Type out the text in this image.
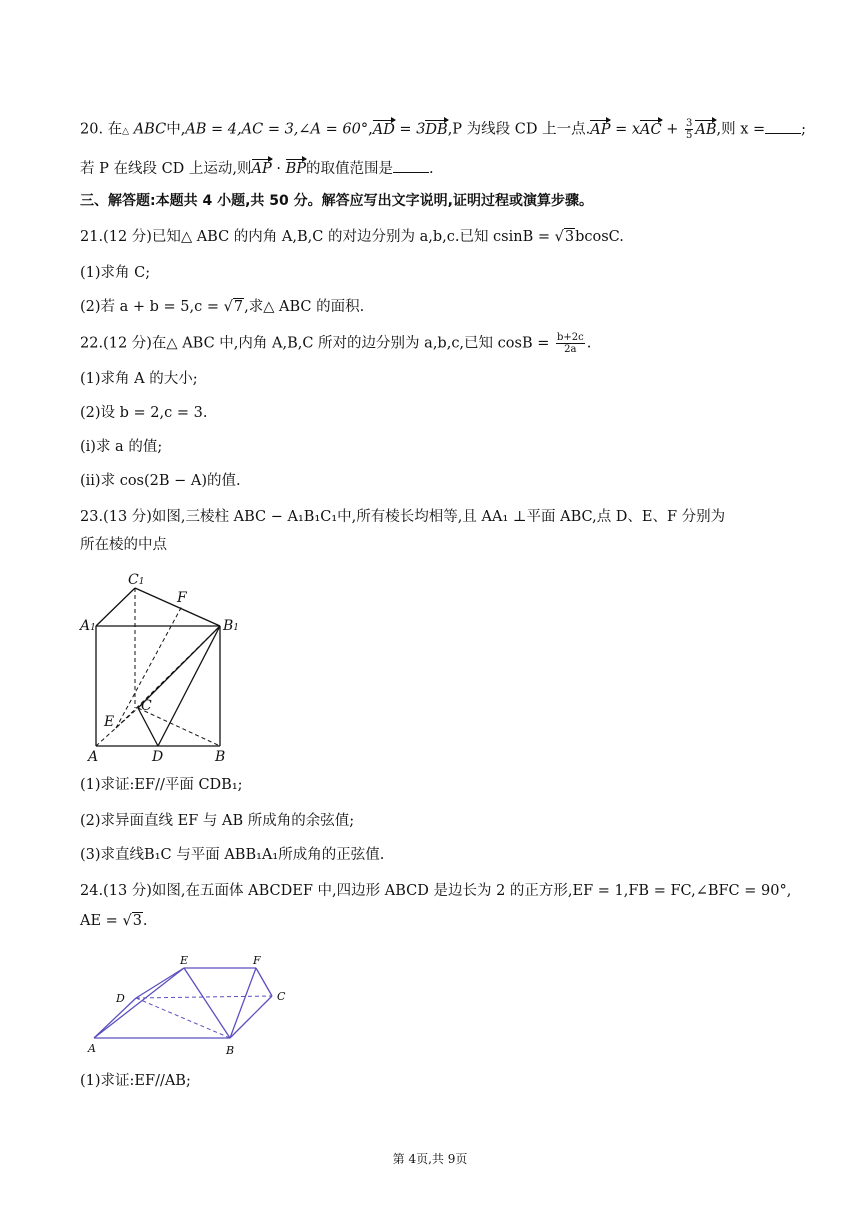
20. 在△ ABC中,AB = 4,AC = 3,∠A = 60°,AD = 3DB,P 为线段 CD 上一点.AP = xAC + $\frac{3}{5}$ AB,则 x = ;
若 P 在线段 CD 上运动,则AP · BP的取值范围是 .
三、解答题:本题共 4 小题,共 50 分。解答应写出文字说明,证明过程或演算步骤。
21.(12 分)已知△ ABC 的内角 A,B,C 的对边分别为 a,b,c.已知 csinB = √3bcosC.
(1)求角 C;
(2)若 a + b = 5,c = √7,求△ ABC 的面积.
22.(12 分)在△ ABC 中,内角 A,B,C 所对的边分别为 a,b,c,已知 $\cos B = \frac{b+2c}{2a}$ .
(1)求角 A 的大小;
(2)设 b = 2,c = 3.
(i)求 a 的值;
(ii)求 cos(2B − A)的值.
23.(13 分)如图,三棱柱 ABC − A₁B₁C₁中,所有棱长均相等,且 AA₁ ⊥平面 ABC,点 D、E、F 分别为
所在棱的中点
C1
F
A1	B1
C
E
A	D	B
(1)求证:EF//平面 CDB₁;
(2)求异面直线 EF 与 AB 所成角的余弦值;
(3)求直线B₁C 与平面 ABB₁A₁所成角的正弦值.
24.(13 分)如图,在五面体 ABCDEF 中,四边形 ABCD 是边长为 2 的正方形,EF = 1,FB = FC,∠BFC = 90°,
AE = √3.
E	F
D	C
A	B
(1)求证:EF//AB;
第 4页,共 9页
